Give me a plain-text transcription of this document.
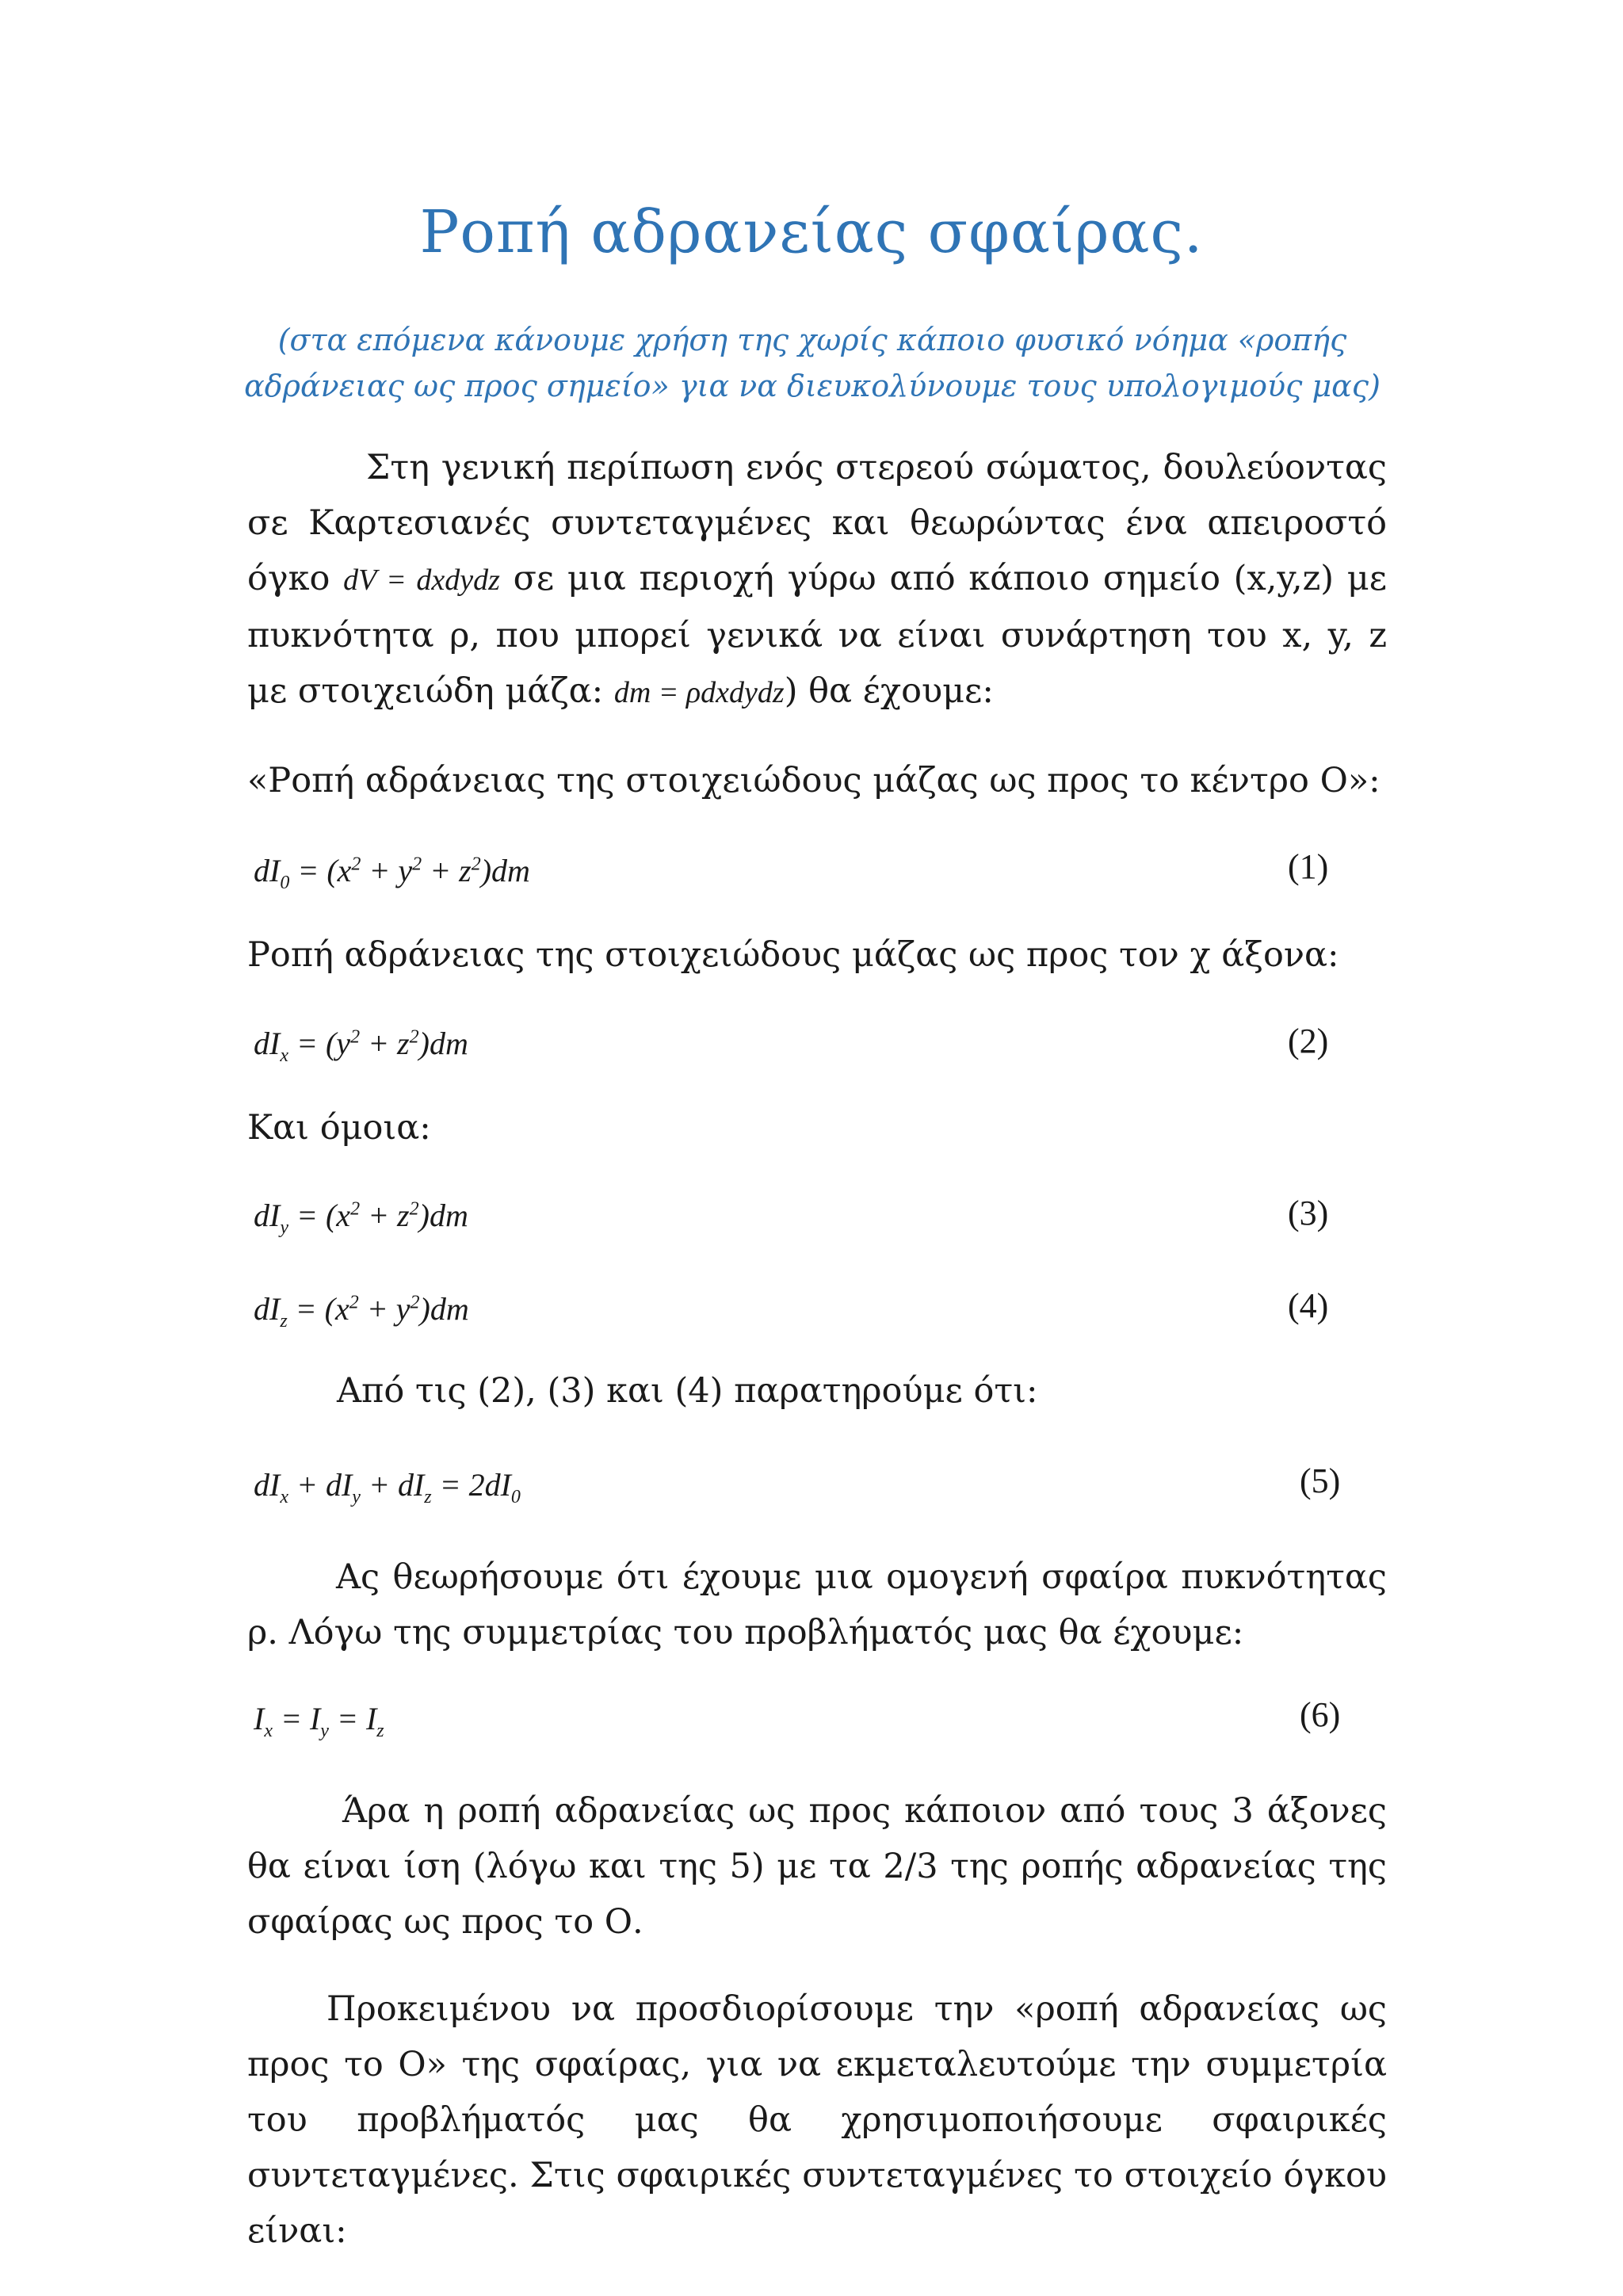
Ροπή αδρανείας σφαίρας.
(στα επόμενα κάνουμε χρήση της χωρίς κάποιο φυσικό νόημα «ροπής αδράνειας ως προς σημείο» για να διευκολύνουμε τους υπολογιμούς μας)
Στη γενική περίπωση ενός στερεού σώματος, δουλεύοντας σε Καρτεσιανές συντεταγμένες και θεωρώντας ένα απειροστό όγκο dV = dxdydz σε μια περιοχή γύρω από κάποιο σημείο (x,y,z) με πυκνότητα ρ, που μπορεί γενικά να είναι συνάρτηση του x, y, z με στοιχειώδη μάζα: dm = ρdxdydz) θα έχουμε:
«Ροπή αδράνειας της στοιχειώδους μάζας ως προς το κέντρο Ο»:
$dI_0 = (x^2 + y^2 + z^2)dm$	(1)
Ροπή αδράνειας της στοιχειώδους μάζας ως προς τον χ άξονα:
$dI_x = (y^2 + z^2)dm$	(2)
Και όμοια:
$dI_y = (x^2 + z^2)dm$	(3)
$dI_z = (x^2 + y^2)dm$	(4)
Από τις (2), (3) και (4) παρατηρούμε ότι:
$dI_x + dI_y + dI_z = 2dI_0$	(5)
Ας θεωρήσουμε ότι έχουμε μια ομογενή σφαίρα πυκνότητας ρ. Λόγω της συμμετρίας του προβλήματός μας θα έχουμε:
$I_x = I_y = I_z$	(6)
Άρα η ροπή αδρανείας ως προς κάποιον από τους 3 άξονες θα είναι ίση (λόγω και της 5) με τα 2/3 της ροπής αδρανείας της σφαίρας ως προς το Ο.
Προκειμένου να προσδιορίσουμε την «ροπή αδρανείας ως προς το Ο» της σφαίρας, για να εκμεταλευτούμε την συμμετρία του προβλήματός μας θα χρησιμοποιήσουμε σφαιρικές συντεταγμένες. Στις σφαιρικές συντεταγμένες το στοιχείο όγκου είναι:
